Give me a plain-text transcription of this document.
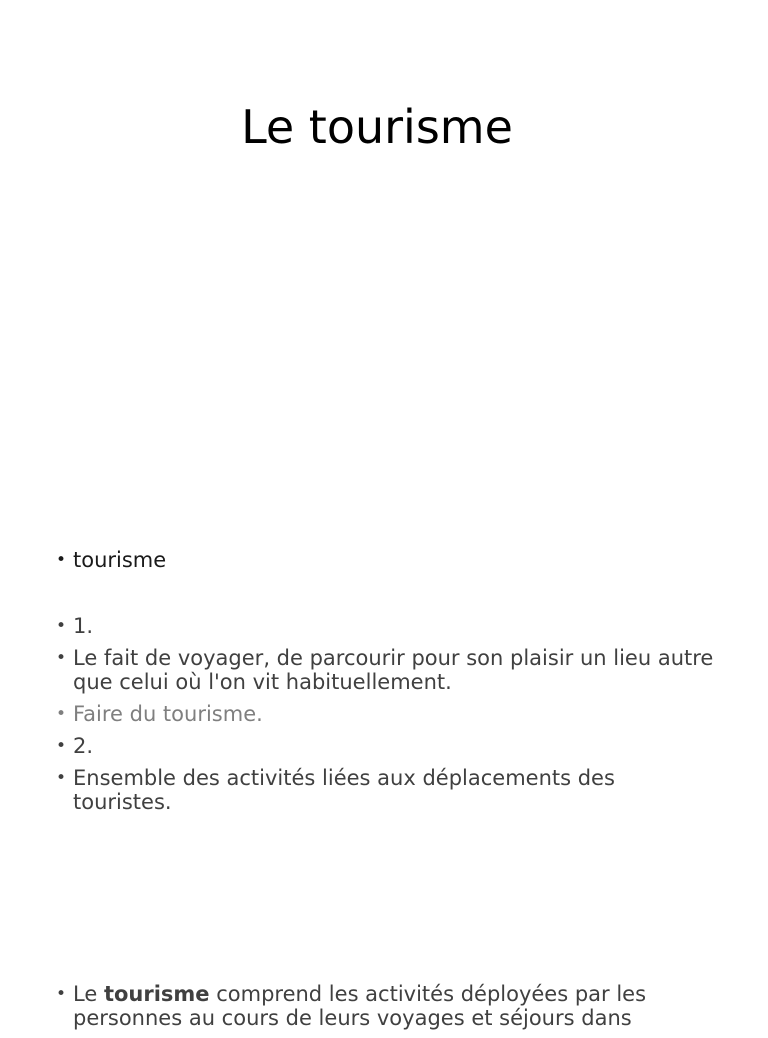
Le tourisme
• tourisme
• 1.
• Le fait de voyager, de parcourir pour son plaisir un lieu autre que celui où l'on vit habituellement.
• Faire du tourisme.
• 2.
• Ensemble des activités liées aux déplacements des touristes.
• Le tourisme comprend les activités déployées par les personnes au cours de leurs voyages et séjours dans
